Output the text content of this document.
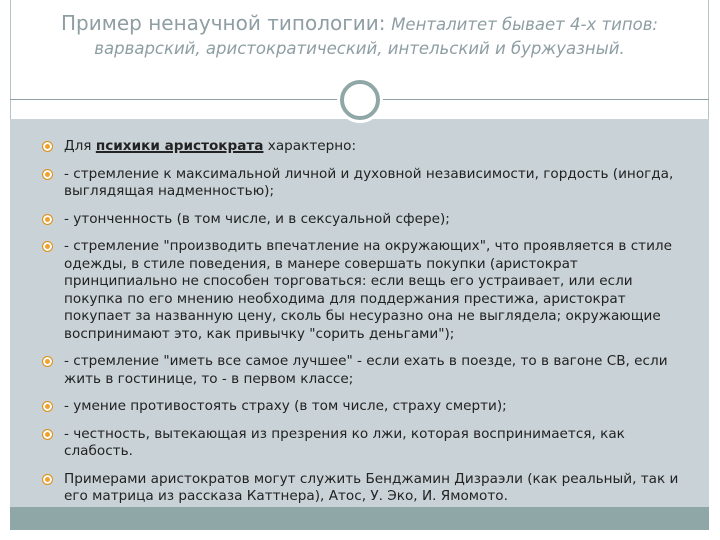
Пример ненаучной типологии: Менталитет бывает 4-х типов: варварский, аристократический, интельский и буржуазный.
Для психики аристократа характерно:
- стремление к максимальной личной и духовной независимости, гордость (иногда, выглядящая надменностью);
- утонченность (в том числе, и в сексуальной сфере);
- стремление "производить впечатление на окружающих", что проявляется в стиле одежды, в стиле поведения, в манере совершать покупки (аристократ принципиально не способен торговаться: если вещь его устраивает, или если покупка по его мнению необходима для поддержания престижа, аристократ покупает за названную цену, сколь бы несуразно она не выглядела; окружающие воспринимают это, как привычку "сорить деньгами");
- стремление "иметь все самое лучшее" - если ехать в поезде, то в вагоне СВ, если жить в гостинице, то - в первом классе;
- умение противостоять страху (в том числе, страху смерти);
- честность, вытекающая из презрения ко лжи, которая воспринимается, как слабость.
Примерами аристократов могут служить Бенджамин Дизраэли (как реальный, так и его матрица из рассказа Каттнера), Атос, У. Эко, И. Ямомото.
